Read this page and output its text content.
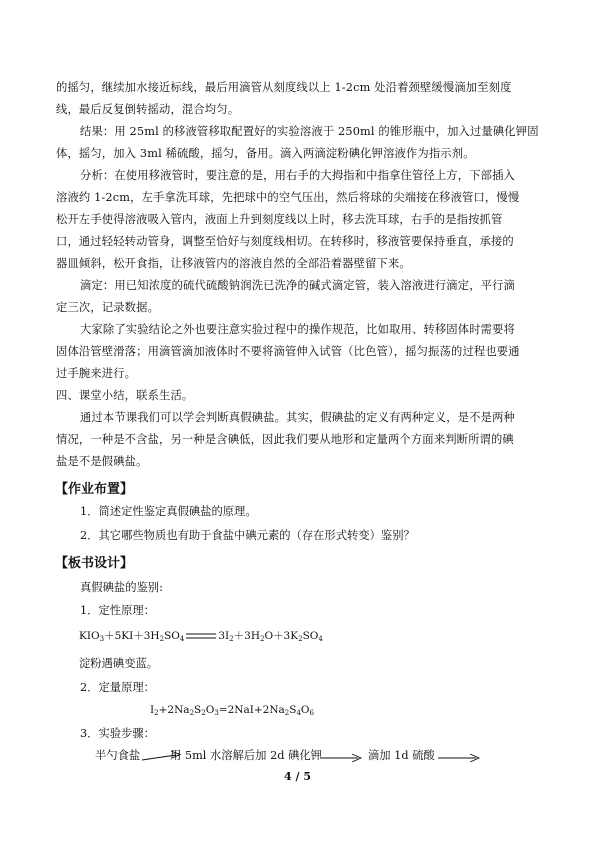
的摇匀，继续加水接近标线，最后用滴管从刻度线以上 1-2cm 处沿着颈壁缓慢滴加至刻度
线，最后反复倒转摇动，混合均匀。
结果：用 25ml 的移液管移取配置好的实验溶液于 250ml 的锥形瓶中，加入过量碘化钾固
体，摇匀，加入 3ml 稀硫酸，摇匀，备用。滴入两滴淀粉碘化钾溶液作为指示剂。
分析：在使用移液管时，要注意的是，用右手的大拇指和中指拿住管径上方，下部插入
溶液约 1-2cm，左手拿洗耳球，先把球中的空气压出，然后将球的尖端接在移液管口，慢慢
松开左手使得溶液吸入管内，液面上升到刻度线以上时，移去洗耳球，右手的是指按抓管
口，通过轻轻转动管身，调整至恰好与刻度线相切。在转移时，移液管要保持垂直，承接的
器皿倾斜，松开食指，让移液管内的溶液自然的全部沿着器壁留下来。
滴定：用已知浓度的硫代硫酸钠润洗已洗净的碱式滴定管，装入溶液进行滴定，平行滴
定三次，记录数据。
大家除了实验结论之外也要注意实验过程中的操作规范，比如取用、转移固体时需要将
固体沿管壁滑落；用滴管滴加液体时不要将滴管伸入试管（比色管），摇匀振荡的过程也要通
过手腕来进行。
四、课堂小结，联系生活。
通过本节课我们可以学会判断真假碘盐。其实，假碘盐的定义有两种定义，是不是两种
情况，一种是不含盐，另一种是含碘低，因此我们要从地形和定量两个方面来判断所谓的碘
盐是不是假碘盐。
【作业布置】
1．简述定性鉴定真假碘盐的原理。
2．其它哪些物质也有助于食盐中碘元素的（存在形式转变）鉴别？
【板书设计】
真假碘盐的鉴别:
1．定性原理：
$KIO_3+5KI+3H_2SO_4$	$3I_2+3H_2O+3K_2SO_4$
淀粉遇碘变蓝。
2．定量原理：
$I_2+2Na_2S_2O_3=2NaI+2Na_2S_4O_6$
3．实验步骤：
半勺食盐	用 5ml 水溶解后加 2d 碘化钾	滴加 1d 硫酸
4 / 5
